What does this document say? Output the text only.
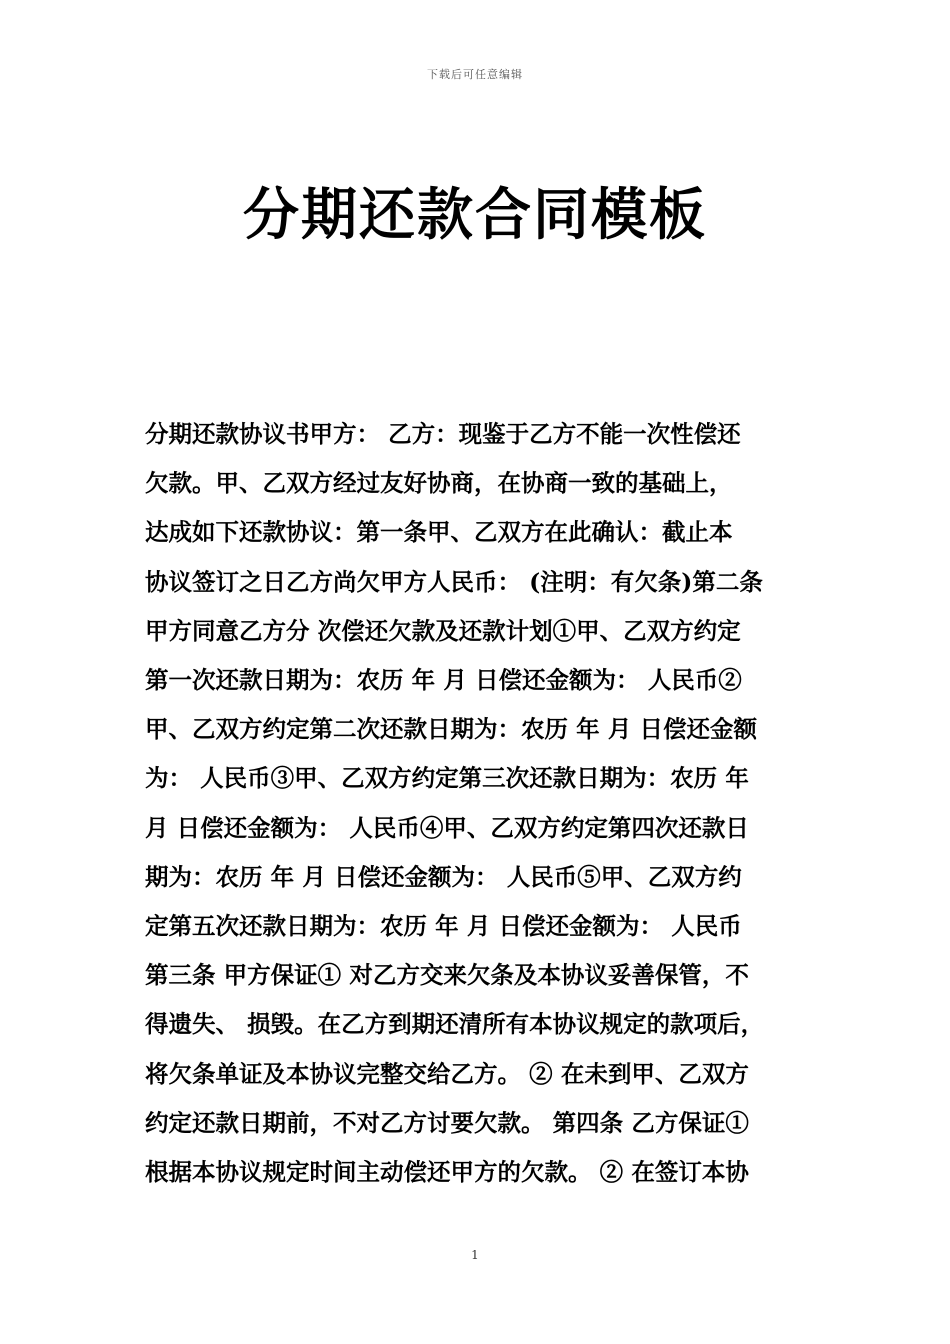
下载后可任意编辑
分期还款合同模板
分期还款协议书甲方： 乙方：现鉴于乙方不能一次性偿还
欠款。甲、乙双方经过友好协商，在协商一致的基础上，
达成如下还款协议：第一条甲、乙双方在此确认：截止本
协议签订之日乙方尚欠甲方人民币： (注明：有欠条)第二条
甲方同意乙方分 次偿还欠款及还款计划①甲、乙双方约定
第一次还款日期为：农历 年 月 日偿还金额为： 人民币②
甲、乙双方约定第二次还款日期为：农历 年 月 日偿还金额
为： 人民币③甲、乙双方约定第三次还款日期为：农历 年
月 日偿还金额为： 人民币④甲、乙双方约定第四次还款日
期为：农历 年 月 日偿还金额为： 人民币⑤甲、乙双方约
定第五次还款日期为：农历 年 月 日偿还金额为： 人民币
第三条 甲方保证① 对乙方交来欠条及本协议妥善保管，不
得遗失、 损毁。在乙方到期还清所有本协议规定的款项后，
将欠条单证及本协议完整交给乙方。 ② 在未到甲、乙双方
约定还款日期前，不对乙方讨要欠款。 第四条 乙方保证①
根据本协议规定时间主动偿还甲方的欠款。 ② 在签订本协
1
